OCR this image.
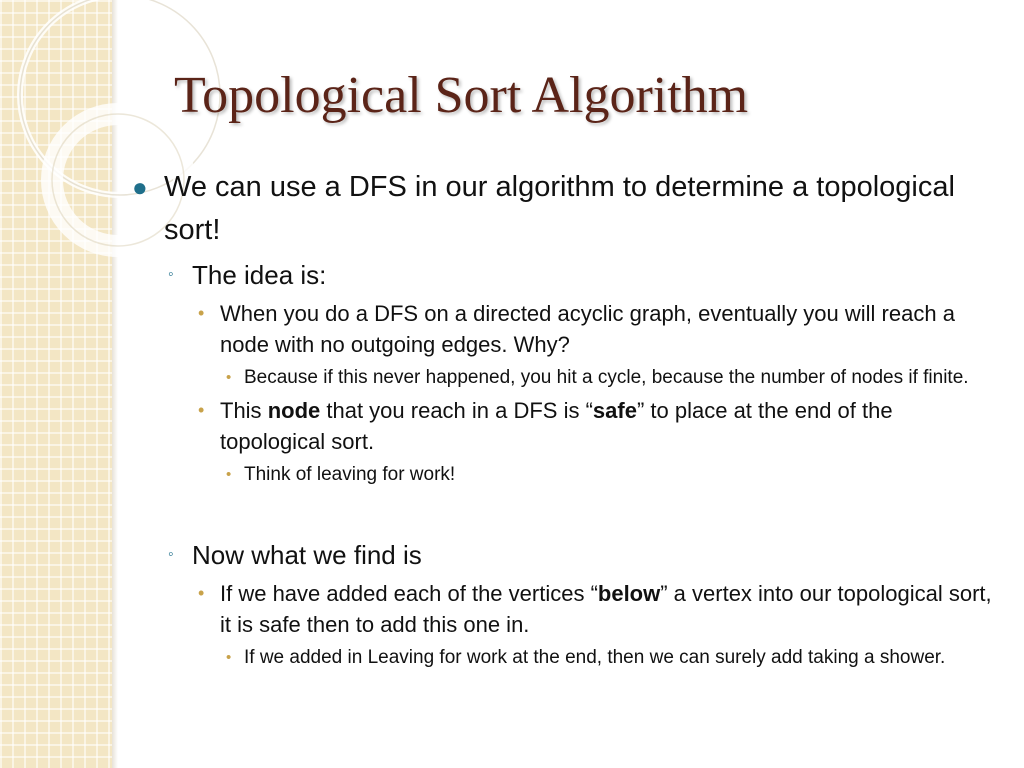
Topological Sort Algorithm
● We can use a DFS in our algorithm to determine a topological sort!
◦ The idea is:
• When you do a DFS on a directed acyclic graph, eventually you will reach a node with no outgoing edges. Why?
• Because if this never happened, you hit a cycle, because the number of nodes if finite.
• This node that you reach in a DFS is “safe” to place at the end of the topological sort.
• Think of leaving for work!
◦ Now what we find is
• If we have added each of the vertices “below” a vertex into our topological sort, it is safe then to add this one in.
• If we added in Leaving for work at the end, then we can surely add taking a shower.
